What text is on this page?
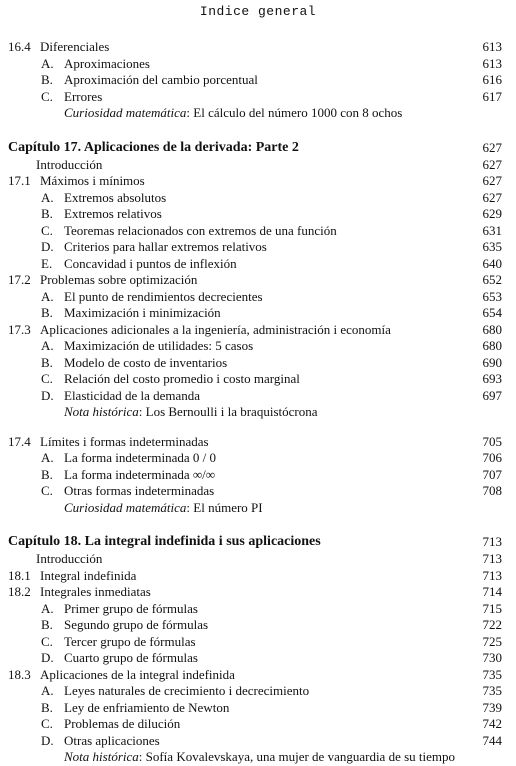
Indice general
16.4 Diferenciales	613
A. Aproximaciones	613
B. Aproximación del cambio porcentual	616
C. Errores	617
Curiosidad matemática: El cálculo del número 1000 con 8 ochos
Capítulo 17. Aplicaciones de la derivada: Parte 2	627
Introducción	627
17.1 Máximos i mínimos	627
A. Extremos absolutos	627
B. Extremos relativos	629
C. Teoremas relacionados con extremos de una función	631
D. Criterios para hallar extremos relativos	635
E. Concavidad i puntos de inflexión	640
17.2 Problemas sobre optimización	652
A. El punto de rendimientos decrecientes	653
B. Maximización i minimización	654
17.3 Aplicaciones adicionales a la ingeniería, administración i economía	680
A. Maximización de utilidades: 5 casos	680
B. Modelo de costo de inventarios	690
C. Relación del costo promedio i costo marginal	693
D. Elasticidad de la demanda	697
Nota histórica: Los Bernoulli i la braquistócrona
17.4 Límites i formas indeterminadas	705
A. La forma indeterminada 0 / 0	706
B. La forma indeterminada ∞/∞	707
C. Otras formas indeterminadas	708
Curiosidad matemática: El número PI
Capítulo 18. La integral indefinida i sus aplicaciones	713
Introducción	713
18.1 Integral indefinida	713
18.2 Integrales inmediatas	714
A. Primer grupo de fórmulas	715
B. Segundo grupo de fórmulas	722
C. Tercer grupo de fórmulas	725
D. Cuarto grupo de fórmulas	730
18.3 Aplicaciones de la integral indefinida	735
A. Leyes naturales de crecimiento i decrecimiento	735
B. Ley de enfriamiento de Newton	739
C. Problemas de dilución	742
D. Otras aplicaciones	744
Nota histórica: Sofía Kovalevskaya, una mujer de vanguardia de su tiempo
